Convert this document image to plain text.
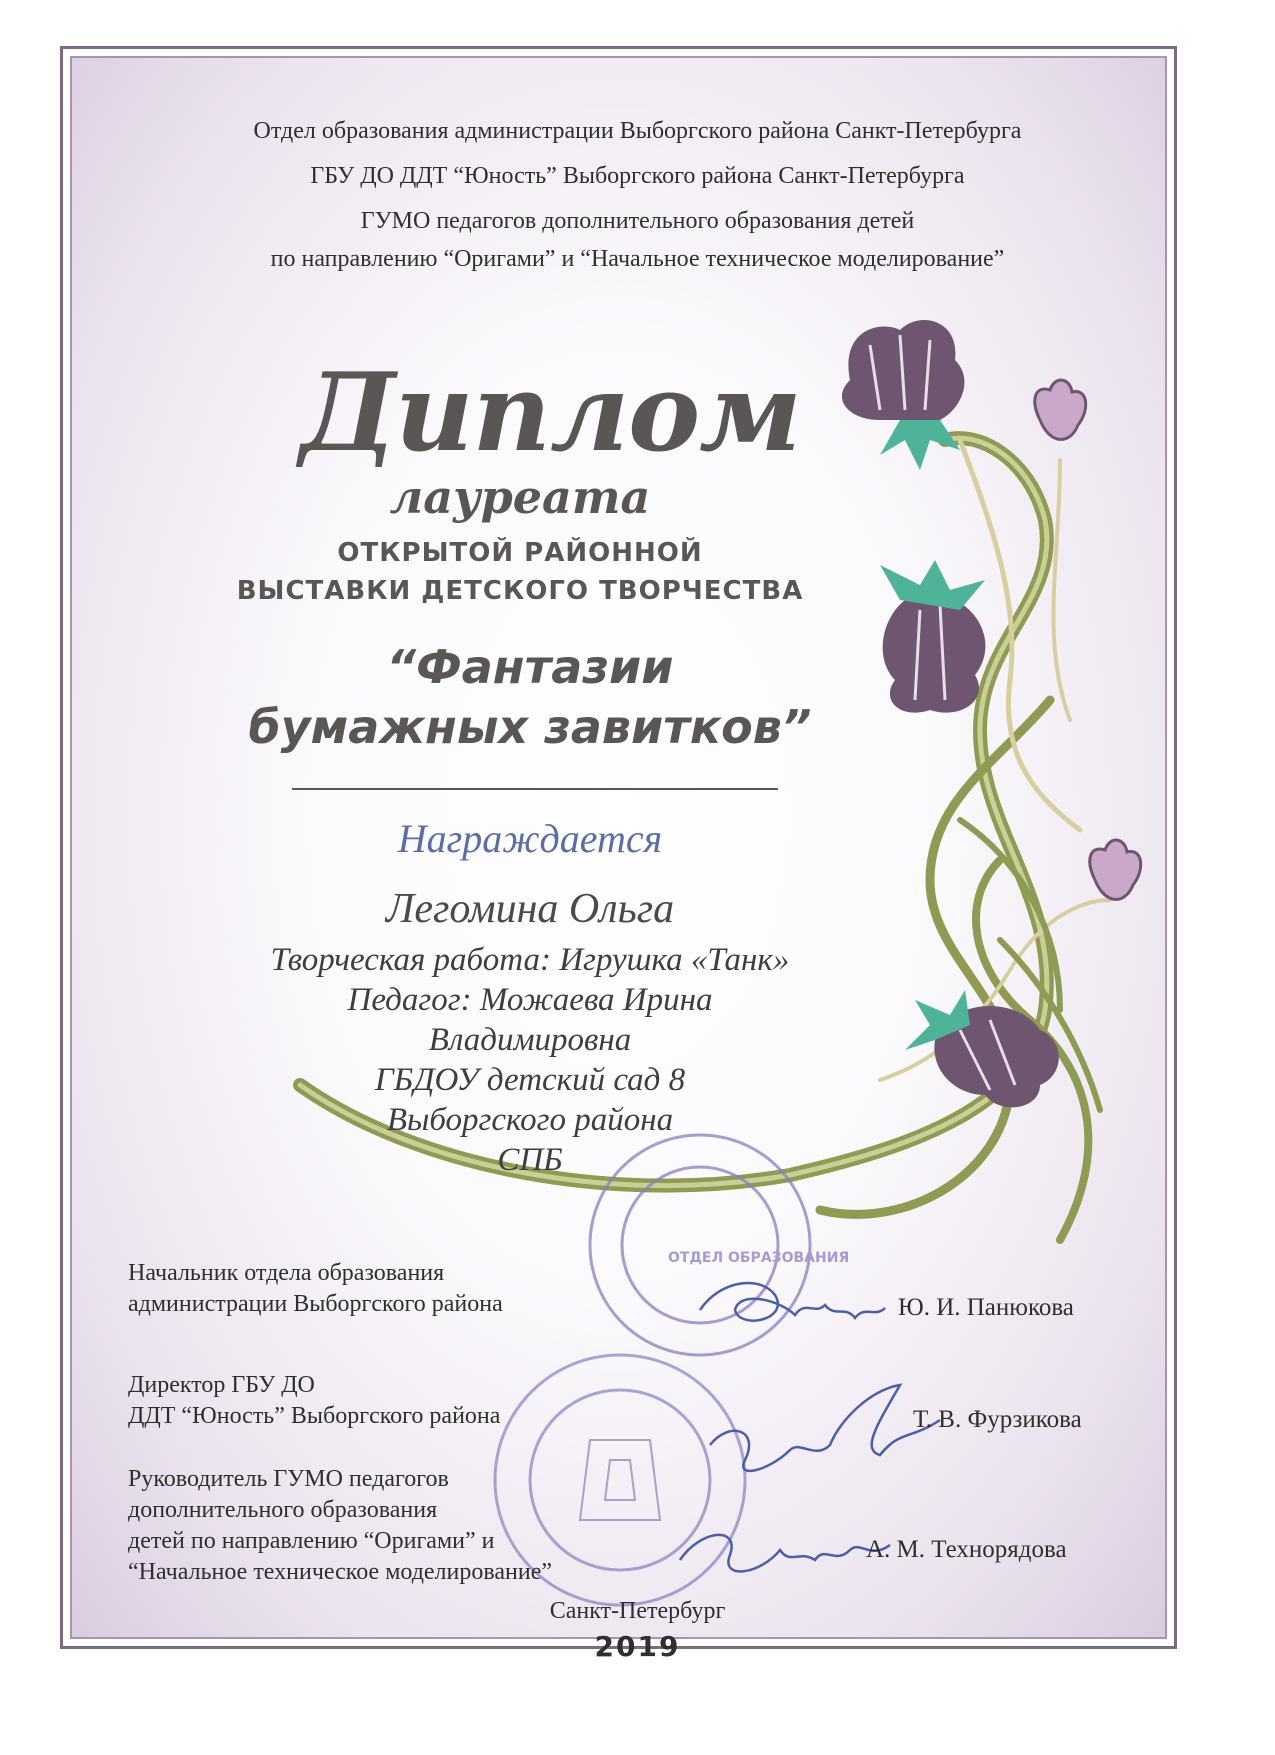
Отдел образования администрации Выборгского района Санкт-Петербурга
ГБУ ДО ДДТ “Юность” Выборгского района Санкт-Петербурга
ГУМО педагогов дополнительного образования детей
по направлению “Оригами” и “Начальное техническое моделирование”
Диплом
лауреата
ОТКРЫТОЙ РАЙОННОЙ
ВЫСТАВКИ ДЕТСКОГО ТВОРЧЕСТВА
“Фантазии
бумажных завитков”
Награждается
Легомина Ольга
Творческая работа: Игрушка «Танк»
Педагог: Можаева Ирина
Владимировна
ГБДОУ детский сад 8
Выборгского района
СПБ
ОТДЕЛ ОБРАЗОВАНИЯ
Начальник отдела образования
администрации Выборгского района	Ю. И. Панюкова
Директор ГБУ ДО
ДДТ “Юность” Выборгского района	Т. В. Фурзикова
Руководитель ГУМО педагогов
дополнительного образования
детей по направлению “Оригами” и
“Начальное техническое моделирование”
А. М. Технорядова
Санкт-Петербург
2019
